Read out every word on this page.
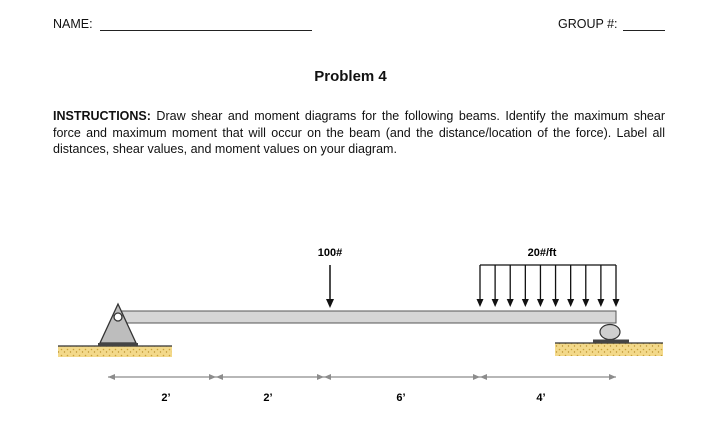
NAME:	GROUP #:
Problem 4
INSTRUCTIONS: Draw shear and moment diagrams for the following beams. Identify the maximum shear force and maximum moment that will occur on the beam (and the distance/location of the force). Label all distances, shear values, and moment values on your diagram.
100#	20#/ft
2’	2’	6’	4’
